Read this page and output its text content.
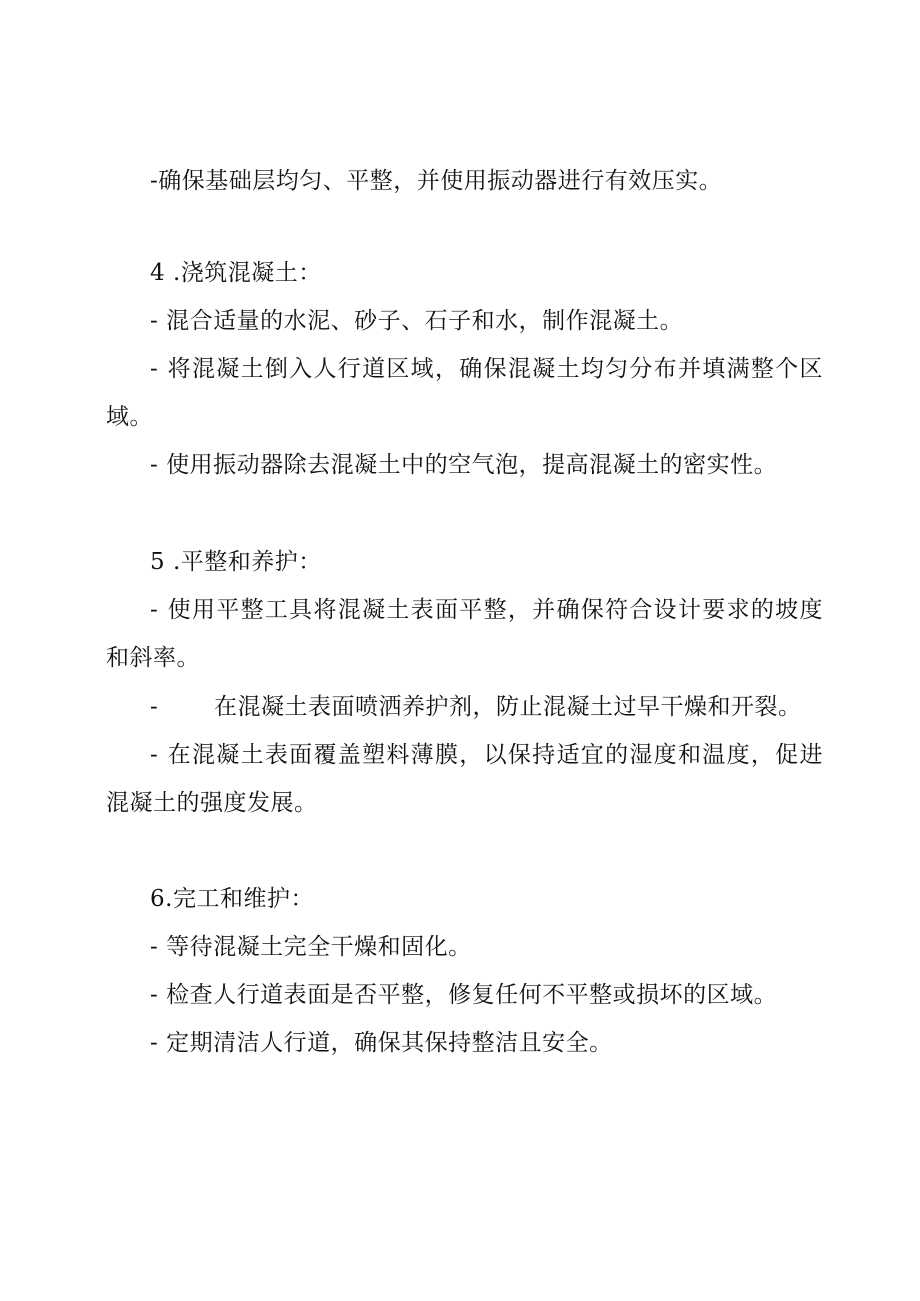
-确保基础层均匀、平整，并使用振动器进行有效压实。
4 .浇筑混凝土：
- 混合适量的水泥、砂子、石子和水，制作混凝土。
- 将混凝土倒入人行道区域，确保混凝土均匀分布并填满整个区
域。
- 使用振动器除去混凝土中的空气泡，提高混凝土的密实性。
5 .平整和养护：
- 使用平整工具将混凝土表面平整，并确保符合设计要求的坡度
和斜率。
- 在混凝土表面喷洒养护剂，防止混凝土过早干燥和开裂。
- 在混凝土表面覆盖塑料薄膜，以保持适宜的湿度和温度，促进
混凝土的强度发展。
6.完工和维护：
- 等待混凝土完全干燥和固化。
- 检查人行道表面是否平整，修复任何不平整或损坏的区域。
- 定期清洁人行道，确保其保持整洁且安全。
